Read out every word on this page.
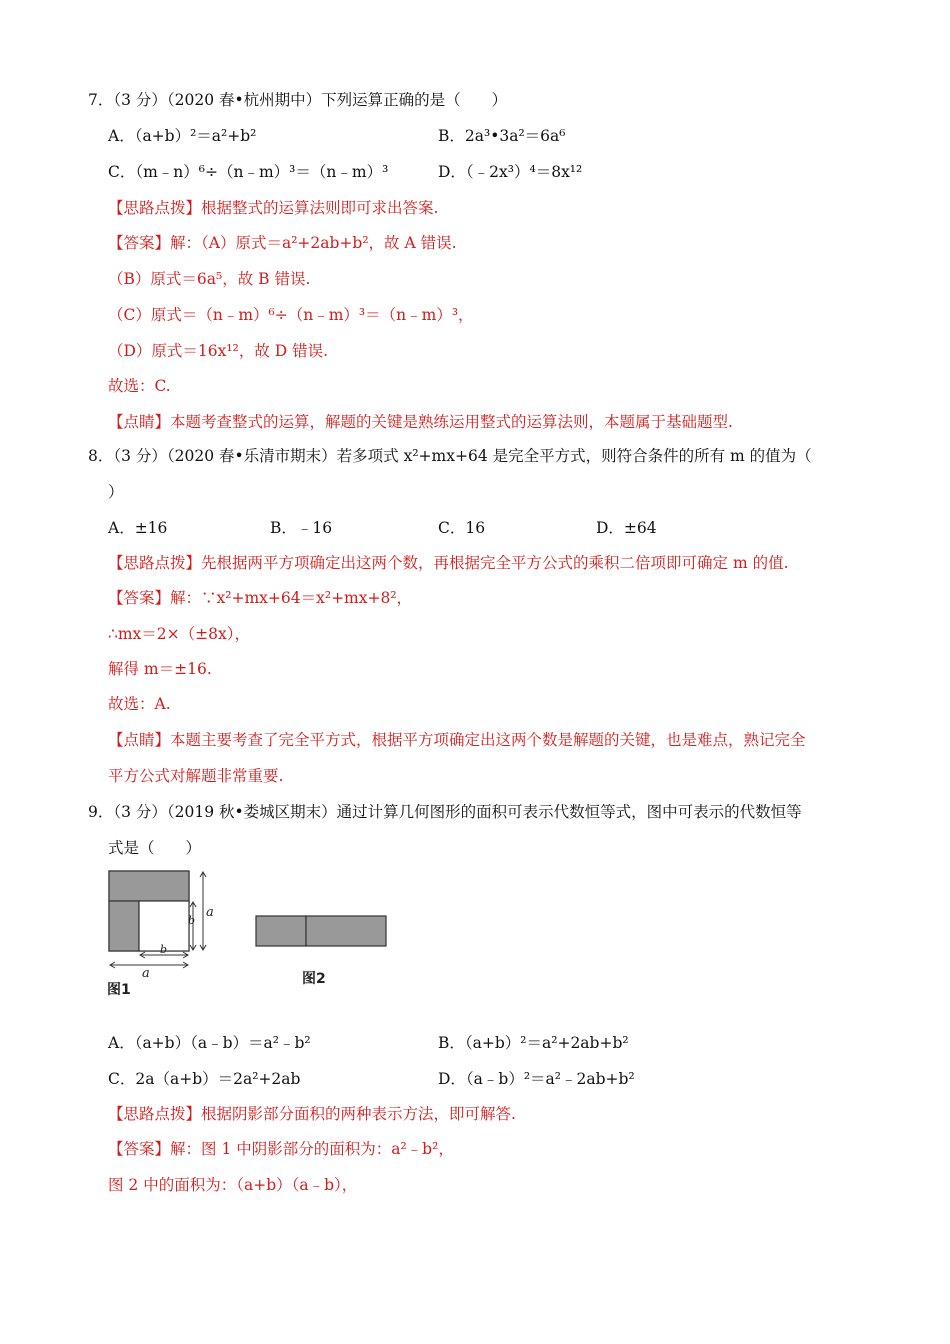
7．（3 分）（2020 春•杭州期中）下列运算正确的是（　　）
A．（a+b）²＝a²+b²	B．2a³•3a²＝6a⁶
C．（m﹣n）⁶÷（n﹣m）³＝（n﹣m）³	D．（﹣2x³）⁴＝8x¹²
【思路点拨】根据整式的运算法则即可求出答案.
【答案】解：（A）原式＝a²+2ab+b²，故 A 错误.
（B）原式＝6a⁵，故 B 错误.
（C）原式＝（n﹣m）⁶÷（n﹣m）³＝（n﹣m）³，
（D）原式＝16x¹²，故 D 错误.
故选：C.
【点睛】本题考查整式的运算，解题的关键是熟练运用整式的运算法则，本题属于基础题型.
8．（3 分）（2020 春•乐清市期末）若多项式 x²+mx+64 是完全平方式，则符合条件的所有 m 的值为（
）
A．±16	B．﹣16	C．16	D．±64
【思路点拨】先根据两平方项确定出这两个数，再根据完全平方公式的乘积二倍项即可确定 m 的值.
【答案】解：∵x²+mx+64＝x²+mx+8²，
∴mx＝2×（±8x），
解得 m＝±16.
故选：A.
【点睛】本题主要考查了完全平方式，根据平方项确定出这两个数是解题的关键，也是难点，熟记完全
平方公式对解题非常重要.
9．（3 分）（2019 秋•娄城区期末）通过计算几何图形的面积可表示代数恒等式，图中可表示的代数恒等
式是（　　）
a
b
b
a
图1
图2
A．（a+b）（a﹣b）＝a²﹣b²	B．（a+b）²＝a²+2ab+b²
C．2a（a+b）＝2a²+2ab	D．（a﹣b）²＝a²﹣2ab+b²
【思路点拨】根据阴影部分面积的两种表示方法，即可解答.
【答案】解：图 1 中阴影部分的面积为：a²﹣b²，
图 2 中的面积为：（a+b）（a﹣b），
